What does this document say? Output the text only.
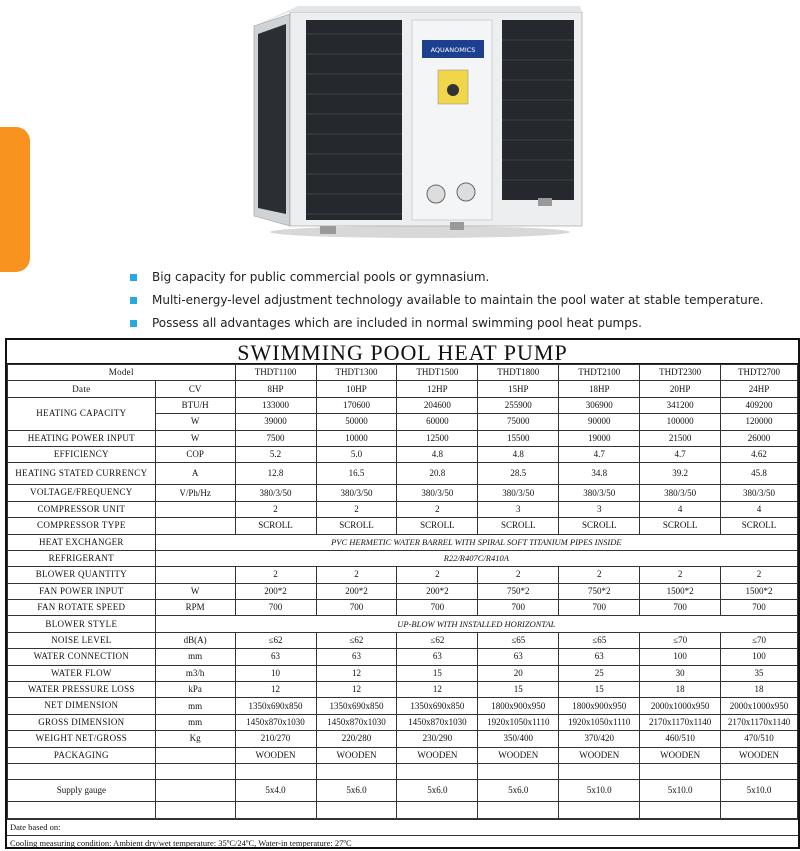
AQUANOMICS
Big capacity for public commercial pools or gymnasium.
Multi-energy-level adjustment technology available to maintain the pool water at stable temperature.
Possess all advantages which are included in normal swimming pool heat pumps.
SWIMMING POOL HEAT PUMP
Model		THDT1100	THDT1300	THDT1500	THDT1800	THDT2100	THDT2300	THDT2700
Date	CV	8HP	10HP	12HP	15HP	18HP	20HP	24HP
HEATING CAPACITY	BTU/H	133000	170600	204600	255900	306900	341200	409200
	W	39000	50000	60000	75000	90000	100000	120000
HEATING POWER INPUT	W	7500	10000	12500	15500	19000	21500	26000
EFFICIENCY	COP	5.2	5.0	4.8	4.8	4.7	4.7	4.62
HEATING STATED CURRENCY	A	12.8	16.5	20.8	28.5	34.8	39.2	45.8
VOLTAGE/FREQUENCY	V/Ph/Hz	380/3/50	380/3/50	380/3/50	380/3/50	380/3/50	380/3/50	380/3/50
COMPRESSOR UNIT		2	2	2	3	3	4	4
COMPRESSOR TYPE		SCROLL	SCROLL	SCROLL	SCROLL	SCROLL	SCROLL	SCROLL
HEAT EXCHANGER	PVC HERMETIC WATER BARREL WITH SPIRAL SOFT TITANIUM PIPES INSIDE							
REFRIGERANT	R22/R407C/R410A							
BLOWER QUANTITY		2	2	2	2	2	2	2
FAN POWER INPUT	W	200*2	200*2	200*2	750*2	750*2	1500*2	1500*2
FAN ROTATE SPEED	RPM	700	700	700	700	700	700	700
BLOWER STYLE	UP-BLOW WITH INSTALLED HORIZONTAL							
NOISE LEVEL	dB(A)	≤62	≤62	≤62	≤65	≤65	≤70	≤70
WATER CONNECTION	mm	63	63	63	63	63	100	100
WATER FLOW	m3/h	10	12	15	20	25	30	35
WATER PRESSURE LOSS	kPa	12	12	12	15	15	18	18
NET DIMENSION	mm	1350x690x850	1350x690x850	1350x690x850	1800x900x950	1800x900x950	2000x1000x950	2000x1000x950
GROSS DIMENSION	mm	1450x870x1030	1450x870x1030	1450x870x1030	1920x1050x1110	1920x1050x1110	2170x1170x1140	2170x1170x1140
WEIGHT NET/GROSS	Kg	210/270	220/280	230/290	350/400	370/420	460/510	470/510
PACKAGING		WOODEN	WOODEN	WOODEN	WOODEN	WOODEN	WOODEN	WOODEN

Supply gauge		5x4.0	5x6.0	5x6.0	5x6.0	5x10.0	5x10.0	5x10.0

Date based on:
Cooling measuring condition: Ambient dry/wet temperature: 35ºC/24ºC, Water-in temperature: 27ºC
